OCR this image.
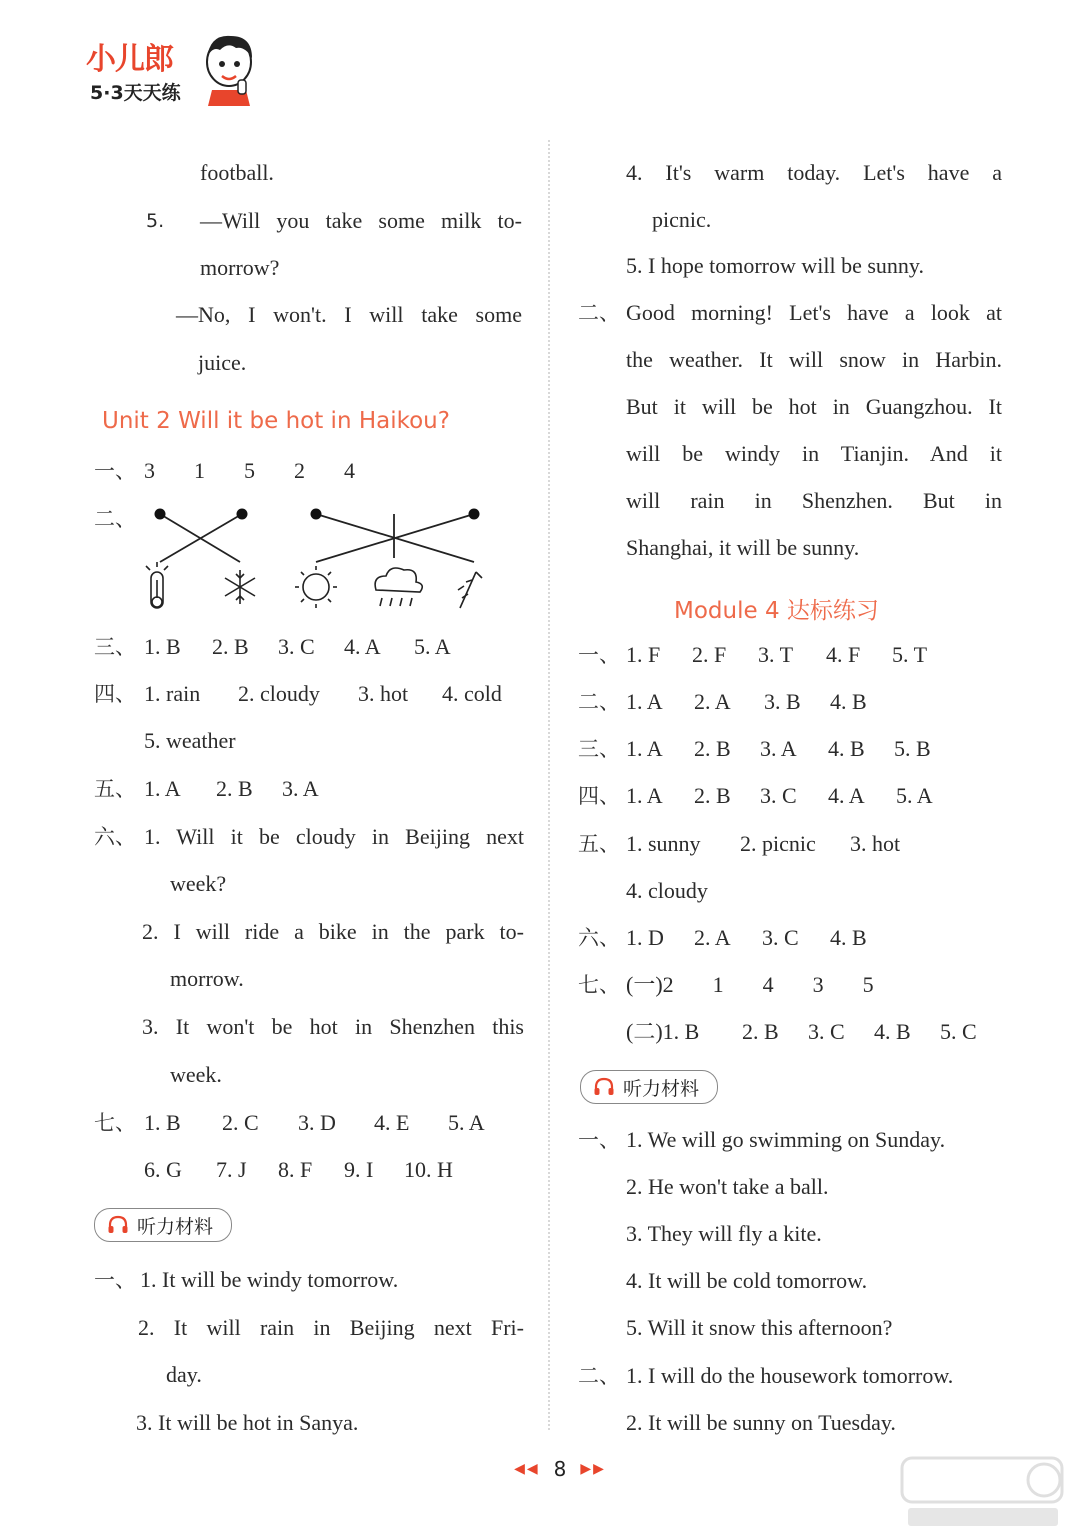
小儿郎
5·3天天练
football.
5. —Will you take some milk to-
morrow?
—No, I won't. I will take some
juice.
Unit 2 Will it be hot in Haikou?
一、 3  1  5  2  4
二、
三、 1. B 2. B 3. C 4. A 5. A
四、 1. rain 2. cloudy 3. hot 4. cold
5. weather
五、 1. A 2. B 3. A
六、 1. Will it be cloudy in Beijing next
week?
2. I will ride a bike in the park to-
morrow.
3. It won't be hot in Shenzhen this
week.
七、 1. B 2. C 3. D 4. E 5. A
6. G 7. J 8. F 9. I 10. H
听力材料
一、 1. It will be windy tomorrow.
2. It will rain in Beijing next Fri-
day.
3. It will be hot in Sanya.
4. It's warm today. Let's have a
picnic.
5. I hope tomorrow will be sunny.
二、 Good morning! Let's have a look at
the weather. It will snow in Harbin.
But it will be hot in Guangzhou. It
will be windy in Tianjin. And it
will rain in Shenzhen. But in
Shanghai, it will be sunny.
Module 4 达标练习
一、 1. F 2. F 3. T 4. F 5. T
二、 1. A 2. A 3. B 4. B
三、 1. A 2. B 3. A 4. B 5. B
四、 1. A 2. B 3. C 4. A 5. A
五、 1. sunny 2. picnic 3. hot
4. cloudy
六、 1. D 2. A 3. C 4. B
七、 (一)2  1  4  3  5
(二)1. B 2. B 3. C 4. B 5. C
听力材料
一、 1. We will go swimming on Sunday.
2. He won't take a ball.
3. They will fly a kite.
4. It will be cold tomorrow.
5. Will it snow this afternoon?
二、 1. I will do the housework tomorrow.
2. It will be sunny on Tuesday.
◀◀ 8 ▶▶
